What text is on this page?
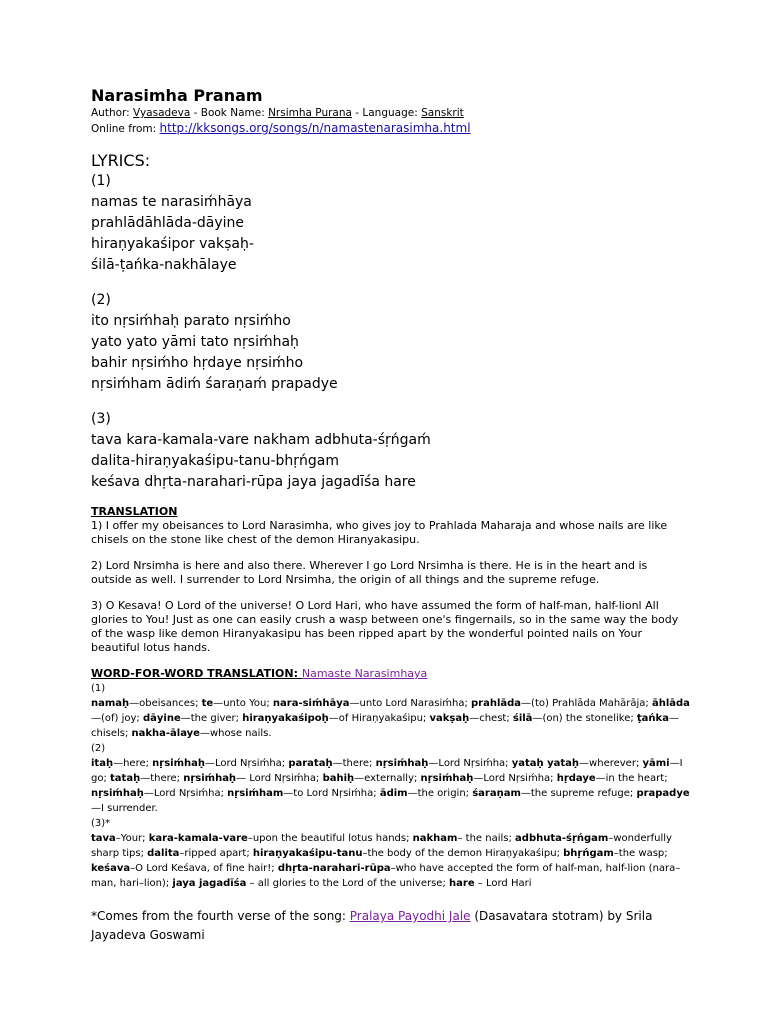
Narasimha Pranam
Author: Vyasadeva - Book Name: Nrsimha Purana - Language: Sanskrit
Online from: http://kksongs.org/songs/n/namastenarasimha.html
LYRICS:
(1)
namas te narasiḿhāya
prahlādāhlāda-dāyine
hiraṇyakaśipor vakṣaḥ-
śilā-ṭańka-nakhālaye
(2)
ito nṛsiḿhaḥ parato nṛsiḿho
yato yato yāmi tato nṛsiḿhaḥ
bahir nṛsiḿho hṛdaye nṛsiḿho
nṛsiḿham ādiḿ śaraṇaḿ prapadye
(3)
tava kara-kamala-vare nakham adbhuta-śṛńgaḿ
dalita-hiraṇyakaśipu-tanu-bhṛńgam
keśava dhṛta-narahari-rūpa jaya jagadīśa hare
TRANSLATION

1) I offer my obeisances to Lord Narasimha, who gives joy to Prahlada Maharaja and whose nails are like chisels on the stone like chest of the demon Hiranyakasipu.

2) Lord Nrsimha is here and also there. Wherever I go Lord Nrsimha is there. He is in the heart and is outside as well. I surrender to Lord Nrsimha, the origin of all things and the supreme refuge.

3) O Kesava! O Lord of the universe! O Lord Hari, who have assumed the form of half-man, half-lionl All glories to You! Just as one can easily crush a wasp between one's fingernails, so in the same way the body of the wasp like demon Hiranyakasipu has been ripped apart by the wonderful pointed nails on Your beautiful lotus hands.

WORD-FOR-WORD TRANSLATION: Namaste Narasimhaya
(1)
namaḥ—obeisances; te—unto You; nara-siḿhāya—unto Lord Narasiḿha; prahlāda—(to) Prahlāda Mahārāja; āhlāda—(of) joy; dāyine—the giver; hiraṇyakaśipoḥ—of Hiraṇyakaśipu; vakṣaḥ—chest; śilā—(on) the stonelike; ṭańka—chisels; nakha-ālaye—whose nails.
(2)
itaḥ—here; nṛsiḿhaḥ—Lord Nṛsiḿha; parataḥ—there; nṛsiḿhaḥ—Lord Nṛsiḿha; yataḥ yataḥ—wherever; yāmi—I go; tataḥ—there; nṛsiḿhaḥ— Lord Nṛsiḿha; bahiḥ—externally; nṛsiḿhaḥ—Lord Nṛsiḿha; hṛdaye—in the heart; nṛsiḿhaḥ—Lord Nṛsiḿha; nṛsiḿham—to Lord Nṛsiḿha; ādim—the origin; śaraṇam—the supreme refuge; prapadye—I surrender.
(3)*
tava–Your; kara-kamala-vare–upon the beautiful lotus hands; nakham– the nails; adbhuta-śṛńgam–wonderfully sharp tips; dalita–ripped apart; hiraṇyakaśipu-tanu–the body of the demon Hiraṇyakaśipu; bhṛńgam–the wasp; keśava–O Lord Keśava, of fine hair!; dhṛta-narahari-rūpa–who have accepted the form of half-man, half-lion (nara–man, hari–lion); jaya jagadīśa – all glories to the Lord of the universe; hare – Lord Hari
*Comes from the fourth verse of the song: Pralaya Payodhi Jale (Dasavatara stotram) by Srila Jayadeva Goswami
